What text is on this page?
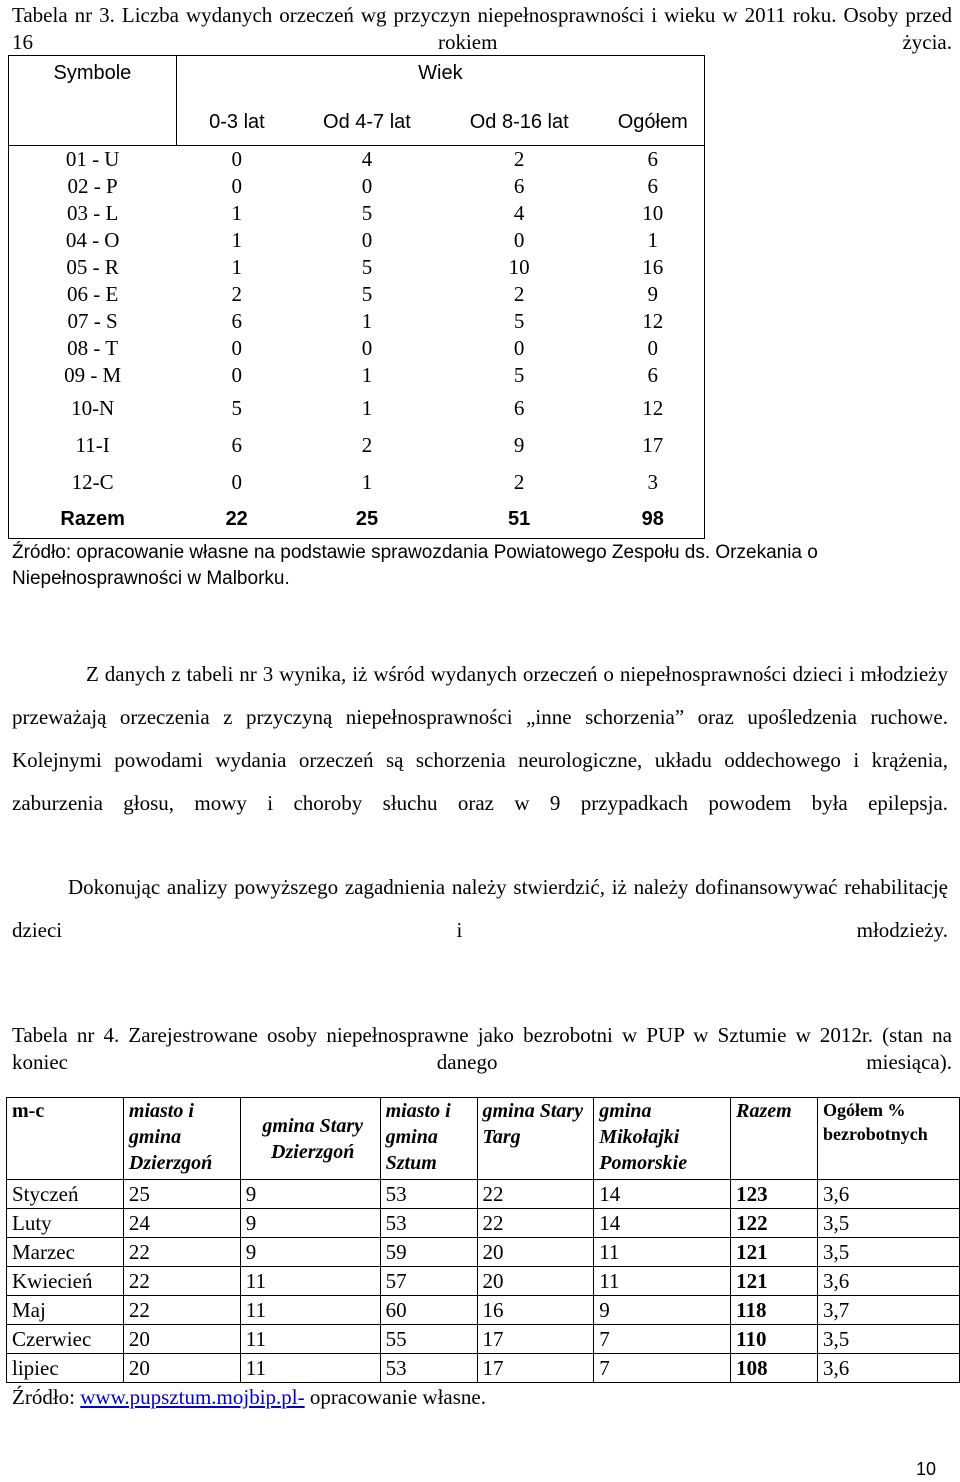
Tabela nr 3. Liczba wydanych orzeczeń wg przyczyn niepełnosprawności i wieku w 2011 roku. Osoby przed 16 rokiem życia.
Symbole	Wiek			
	0-3 lat	Od 4-7 lat	Od 8-16 lat	Ogółem
01 - U	0	4	2	6
02 - P	0	0	6	6
03 - L	1	5	4	10
04 - O	1	0	0	1
05 - R	1	5	10	16
06 - E	2	5	2	9
07 - S	6	1	5	12
08 - T	0	0	0	0
09 - M	0	1	5	6
10-N	5	1	6	12
11-I	6	2	9	17
12-C	0	1	2	3
Razem	22	25	51	98
Źródło: opracowanie własne na podstawie sprawozdania Powiatowego Zespołu ds. Orzekania o Niepełnosprawności w Malborku.
Z danych z tabeli nr 3 wynika, iż wśród wydanych orzeczeń o niepełnosprawności dzieci i młodzieży przeważają orzeczenia z przyczyną niepełnosprawności „inne schorzenia” oraz upośledzenia ruchowe. Kolejnymi powodami wydania orzeczeń są schorzenia neurologiczne, układu oddechowego i krążenia, zaburzenia głosu, mowy i choroby słuchu oraz w 9 przypadkach powodem była epilepsja.
Dokonując analizy powyższego zagadnienia należy stwierdzić, iż należy dofinansowywać rehabilitację dzieci i młodzieży.
Tabela nr 4. Zarejestrowane osoby niepełnosprawne jako bezrobotni w PUP w Sztumie w 2012r. (stan na koniec danego miesiąca).
m-c	miasto i gmina Dzierzgoń	gmina Stary Dzierzgoń	miasto i gmina Sztum	gmina Stary Targ	gmina Mikołajki Pomorskie	Razem	Ogółem % bezrobotnych
Styczeń	25	9	53	22	14	123	3,6
Luty	24	9	53	22	14	122	3,5
Marzec	22	9	59	20	11	121	3,5
Kwiecień	22	11	57	20	11	121	3,6
Maj	22	11	60	16	9	118	3,7
Czerwiec	20	11	55	17	7	110	3,5
lipiec	20	11	53	17	7	108	3,6
Źródło: www.pupsztum.mojbip.pl- opracowanie własne.
10
